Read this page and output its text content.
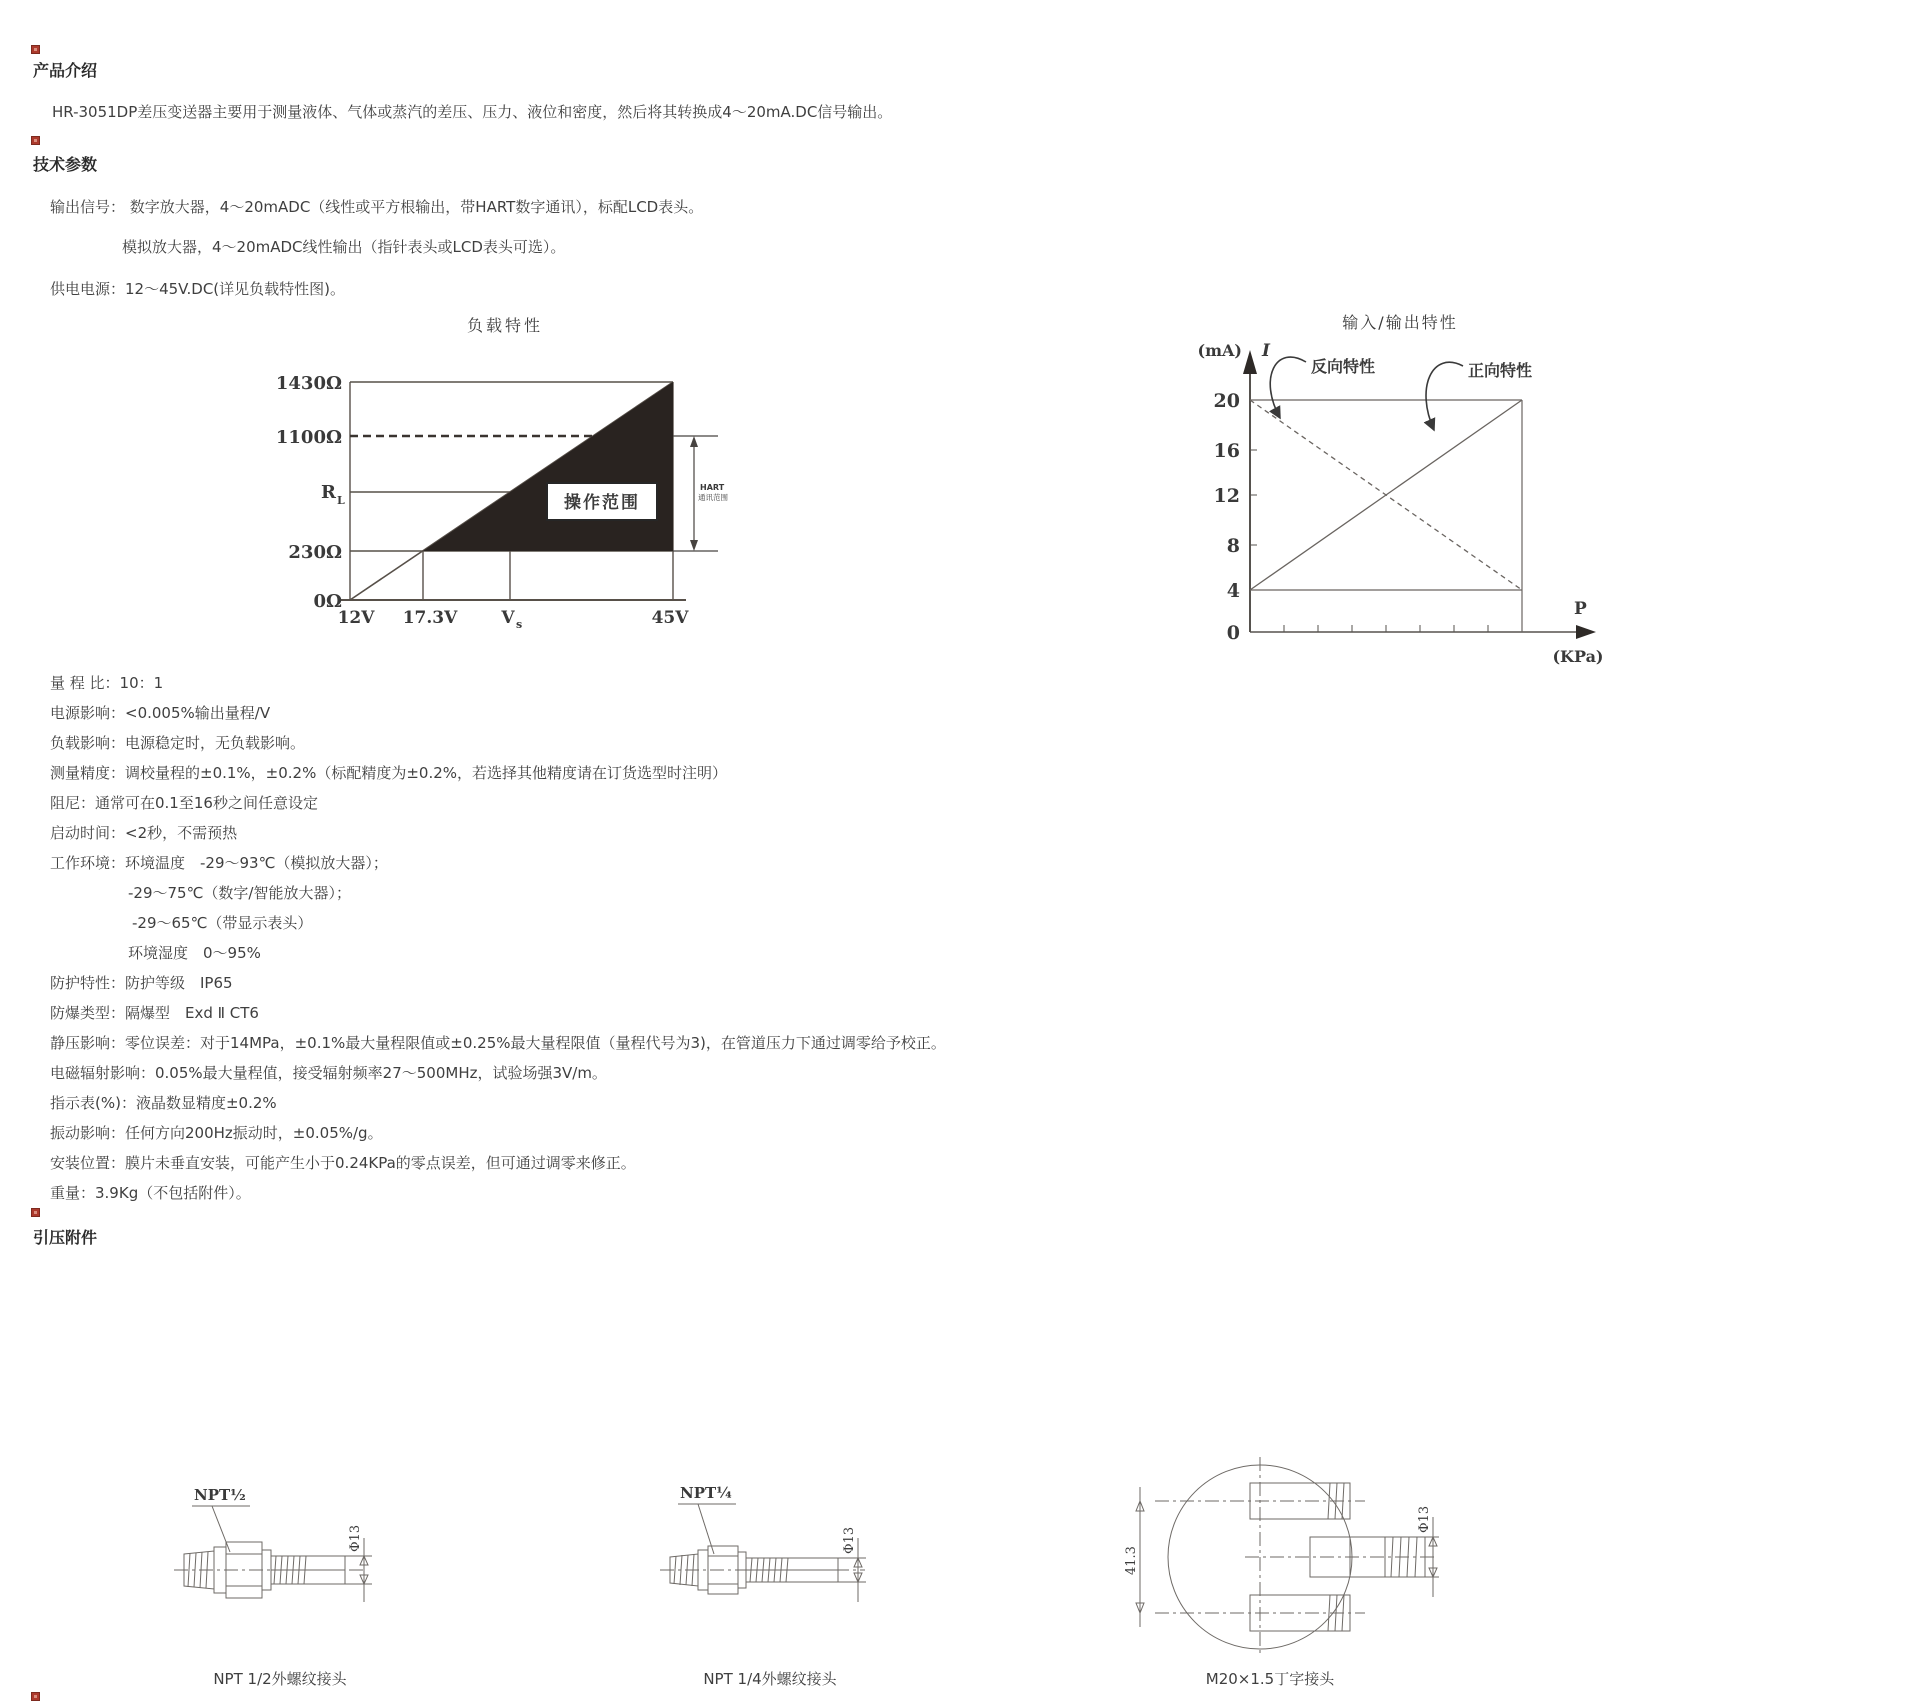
产品介绍
HR-3051DP差压变送器主要用于测量液体、气体或蒸汽的差压、压力、液位和密度，然后将其转换成4～20mA.DC信号输出。
技术参数
输出信号： 数字放大器，4～20mADC（线性或平方根输出，带HART数字通讯），标配LCD表头。
模拟放大器，4～20mADC线性输出（指针表头或LCD表头可选）。
供电电源：12～45V.DC(详见负载特性图)。
负载特性
操作范围
HART
通讯范围
1430Ω
1100Ω
R L
230Ω
0Ω
12V 17.3V	V s	45V
输入/输出特性
反向特性	正向特性
(mA) I
P
(KPa)
20
16
12
8
4
0
量 程 比：10：1
电源影响：<0.005%输出量程/V
负载影响：电源稳定时，无负载影响。
测量精度：调校量程的±0.1%，±0.2%（标配精度为±0.2%，若选择其他精度请在订货选型时注明）
阻尼：通常可在0.1至16秒之间任意设定
启动时间：<2秒，不需预热
工作环境：环境温度　-29～93℃（模拟放大器）；
-29～75℃（数字/智能放大器）；
-29～65℃（带显示表头）
环境湿度　0～95%
防护特性：防护等级　IP65
防爆类型：隔爆型　Exd Ⅱ CT6
静压影响：零位误差：对于14MPa，±0.1%最大量程限值或±0.25%最大量程限值（量程代号为3)，在管道压力下通过调零给予校正。
电磁辐射影响：0.05%最大量程值，接受辐射频率27～500MHz，试验场强3V/m。
指示表(%)：液晶数显精度±0.2%
振动影响：任何方向200Hz振动时，±0.05%/g。
安装位置：膜片未垂直安装，可能产生小于0.24KPa的零点误差，但可通过调零来修正。
重量：3.9Kg（不包括附件）。
引压附件
NPT½
Φ13
NPT 1/2外螺纹接头
NPT¼
Φ13
NPT 1/4外螺纹接头
41.3
Φ13
M20×1.5丁字接头
